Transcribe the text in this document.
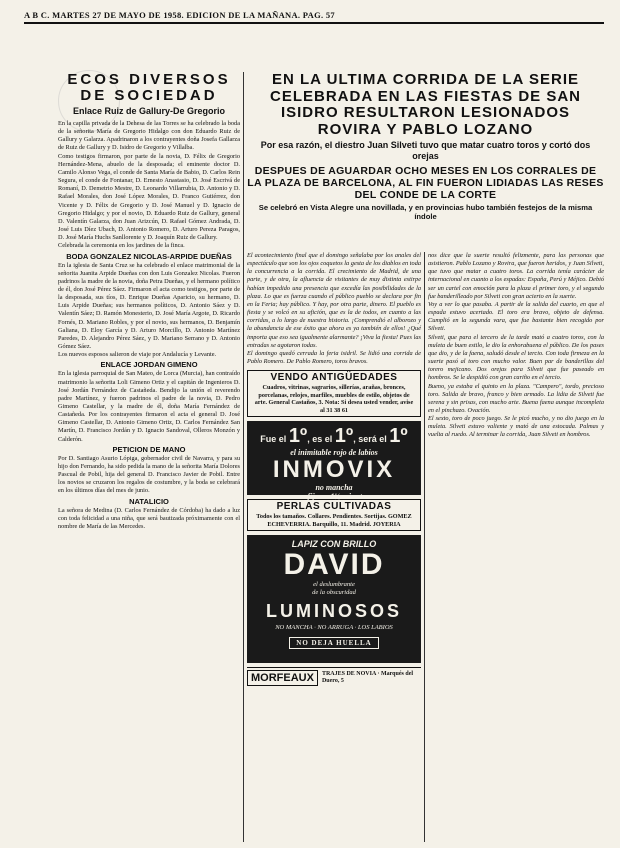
A B C. MARTES 27 DE MAYO DE 1958. EDICION DE LA MAÑANA. PAG. 57
ECOS DIVERSOS DE SOCIEDAD
Enlace Ruiz de Gallury-De Gregorio

En la capilla privada de la Dehesa de las Torres se ha celebrado la boda de la señorita María de Gregorio Hidalgo con don Eduardo Ruiz de Gallury y Galarza. Apadrinaron a los contrayentes doña Josefa Gallarza de Ruiz de Gallury y D. Isidro de Gregorio y Villalba.

Como testigos firmaron, por parte de la novia, D. Félix de Gregorio Hernández-Mena, abuelo de la desposada; el eminente doctor D. Camilo Alonso Vega, el conde de Santa María de Babio, D. Carlos Rein Segura, el conde de Fontanar, D. Ernesto Anastasio, D. José Escrivá de Romaní, D. Demetrio Mestre, D. Leonardo Villarrubia, D. Antonio y D. Rafael Morales, don José López Morales, D. Franco Gutiérrez, don Vicente y D. Félix de Gregorio y D. José Manuel y D. Ignacio de Gregorio Hidalgo; y por el novio, D. Eduardo Ruiz de Gallury, general D. Valentín Galarza, don Juan Arizcún, D. Rafael Gómez Andrada, D. José Luis Díez Ubach, D. Antonio Romero, D. Arturo Pereza Paragos, D. José María Huchs Sanllorente y D. Joaquín Ruiz de Gallury.

Celebrada la ceremonia en los jardines de la finca.

BODA GONZALEZ NICOLAS-ARPIDE DUEÑAS

En la iglesia de Santa Cruz se ha celebrado el enlace matrimonial de la señorita Juanita Arpide Dueñas con don Luis Gonzalez Nicolas. Fueron padrinos la madre de la novia, doña Petra Dueñas, y el hermano político de él, don José Pérez Sáez. Firmaron el acta como testigos, por parte de la desposada, sus tíos, D. Enrique Dueñas Aparicio, su hermano, D. Luis Arpide Dueñas; sus hermanos políticos, D. Antonio Sáez y D. Valentín Sáez; D. Ramón Monesterio, D. José María Argote, D. Ricardo Fornés, D. Mariano Robles, y por el novio, sus hermanos, D. Benjamín Galiana, D. Eloy García y D. Arturo Morcillo, D. Antonio Martínez Paredes, D. Alejandro Pérez Sáez, y D. Mariano Serrano y D. Antonio Gómez Sáez.

Los nuevos esposos salieron de viaje por Andalucía y Levante.

ENLACE JORDAN GIMENO

En la iglesia parroquial de San Mateo, de Lorca (Murcia), han contraído matrimonio la señorita Loli Gimeno Ortiz y el capitán de Ingenieros D. José Jordán Fernández de Castañeda. Bendijo la unión el reverendo padre Martínez, y fueron padrinos el padre de la novia, D. Pedro Gimeno Castellar, y la madre de él, doña María Fernández de Castañeda. Por los contrayentes firmaron el acta el general D. José Gimeno Castellar, D. Antonio Gimeno Ortiz, D. Carlos Fernández San Martín, D. Francisco Jordán y D. Ignacio Sandoval, Olleros Monzón y Calderón.

PETICION DE MANO

Por D. Santiago Asurio Lópiga, gobernador civil de Navarra, y para su hijo don Fernando, ha sido pedida la mano de la señorita María Dolores Pascual de Pobil, hija del general D. Francisco Javier de Pobil. Entre los novios se cruzaron los regalos de costumbre, y la boda se celebrará en los últimos días del mes de junio.

NATALICIO

La señora de Medina (D. Carlos Fernández de Córdoba) ha dado a luz con toda felicidad a una niña, que será bautizada próximamente con el nombre de María de las Mercedes.

EN LA ULTIMA CORRIDA DE LA SERIE CELEBRADA EN LAS FIESTAS DE SAN ISIDRO RESULTARON LESIONADOS ROVIRA Y PABLO LOZANO
Por esa razón, el diestro Juan Silveti tuvo que matar cuatro toros y cortó dos orejas
DESPUES DE AGUARDAR OCHO MESES EN LOS CORRALES DE LA PLAZA DE BARCELONA, AL FIN FUERON LIDIADAS LAS RESES DEL CONDE DE LA CORTE
Se celebró en Vista Alegre una novillada, y en provincias hubo también festejos de la misma índole

El acontecimiento final que el domingo señalaba por los anales del espectáculo que son los ojos coquetos la gesta de los diablos en toda la concurrencia a la corrida. El crecimiento de Madrid, de una parte, y de otra, la afluencia de visitantes de muy distinta estirpe habían impedido una presencia que excedía las posibilidades de la plaza. Lo que es fuerza cuando el público pueblo se declara por fin en la Feria; hay público. Y hay, por otra parte, dinero. El pueblo es fiesta y se volcó en su afición, que es la de todos, en cuanto a las corridas, a lo largo de nuestra historia. ¡Comprendió el alborozo y la abundancia de ese éxito que ahora es ya también de ellos! ¿Qué importa que eso sea igualmente alarmante? ¡Viva la fiesta! Pues las entradas se agotaron todas.

El domingo quedó cerrada la feria isidril. Se lidió una corrida de Pablo Romero. De Pablo Romero, toros bravos.

VENDO ANTIGÜEDADES
Cuadros, vitrinas, sagrarios, sillerías, arañas, bronces, porcelanas, relojes, marfiles, muebles de estilo, objetos de arte. General Castaños, 3. Nota: Si desea usted vender, avise al 31 38 61
Fue el 1º, es el 1º, será el 1º
el inimitable rojo de labios
INMOVIX
no mancha
se fija en 1½ minutos
PERLAS CULTIVADAS
Todos los tamaños. Collares. Pendientes. Sortijas. GOMEZ ECHEVERRIA. Barquillo, 11. Madrid. JOYERIA
LAPIZ CON BRILLO
DAVID
el deslumbrante
de la obscuridad
LUMINOSOS
NO MANCHA · NO ARRUGA · LOS LABIOS
NO DEJA HUELLA
MORFEAUX	TRAJES DE NOVIA · Marqués del Duero, 5

nos dice que la suerte resultó felizmente, para las personas que asistieron. Pablo Lozano y Rovira, que fueron heridos, y Juan Silveti, que tuvo que matar a cuatro toros. La corrida tenía carácter de internacional en cuanto a los espadas: España, Perú y Méjico. Debió ser un cartel con emoción para la plaza el primer toro, y el segundo fue banderilleado por Silveti con gran acierto en la suerte.

Voy a ver lo que pasaba. A partir de la salida del cuarto, en que el espada estuvo acertado. El toro era bravo, objeto de defensa. Cumplió en la segunda vara, que fue bastante bien recogido por Silveti.

Silveti, que para el tercero de la tarde mató a cuatro toros, con la muleta de buen estilo, le dio la enhorabuena el público. De los pases que dio, y de la faena, saludó desde el tercio. Con toda firmeza en la suerte pasó al toro con mucho valor. Buen par de banderillas del torero mejicano. Dos orejas para Silveti que fue paseado en hombros. Se le despidió con gran cariño en el tercio.

Bueno, ya estaba el quinto en la plaza. "Campero", tordo, precioso toro. Salida de bravo, franco y bien armado. La lidia de Silveti fue serena y sin prisas, con mucho arte. Buena faena aunque incompleta en el pinchazo. Ovación.

El sexto, toro de poco juego. Se le picó mucho, y no dio juego en la muleta. Silveti estuvo valiente y mató de una estocada. Palmas y vuelta al ruedo. Al terminar la corrida, Juan Silveti en hombros.
